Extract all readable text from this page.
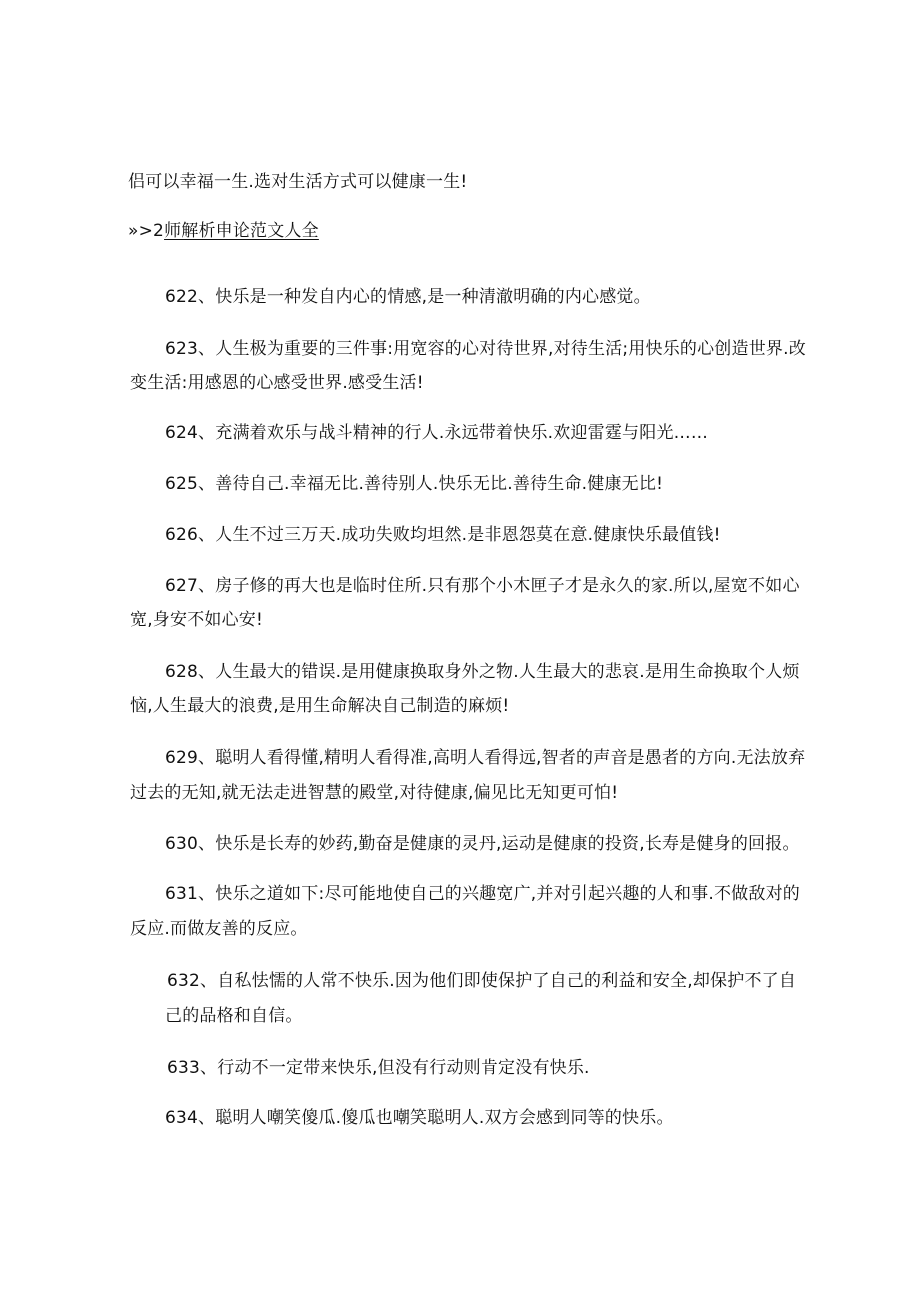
侣可以幸福一生.选对生活方式可以健康一生!
»>2师解析申论范文人全
622、快乐是一种发自内心的情感,是一种清澈明确的内心感觉。
623、人生极为重要的三件事:用宽容的心对待世界,对待生活;用快乐的心创造世界.改
变生活:用感恩的心感受世界.感受生活!
624、充满着欢乐与战斗精神的行人.永远带着快乐.欢迎雷霆与阳光……
625、善待自己.幸福无比.善待别人.快乐无比.善待生命.健康无比!
626、人生不过三万天.成功失败均坦然.是非恩怨莫在意.健康快乐最值钱!
627、房子修的再大也是临时住所.只有那个小木匣子才是永久的家.所以,屋宽不如心
宽,身安不如心安!
628、人生最大的错误.是用健康换取身外之物.人生最大的悲哀.是用生命换取个人烦
恼,人生最大的浪费,是用生命解决自己制造的麻烦!
629、聪明人看得懂,精明人看得准,高明人看得远,智者的声音是愚者的方向.无法放弃
过去的无知,就无法走进智慧的殿堂,对待健康,偏见比无知更可怕!
630、快乐是长寿的妙药,勤奋是健康的灵丹,运动是健康的投资,长寿是健身的回报。
631、快乐之道如下:尽可能地使自己的兴趣宽广,并对引起兴趣的人和事.不做敌对的
反应.而做友善的反应。
632、自私怯懦的人常不快乐.因为他们即使保护了自己的利益和安全,却保护不了自
己的品格和自信。
633、行动不一定带来快乐,但没有行动则肯定没有快乐.
634、聪明人嘲笑傻瓜.傻瓜也嘲笑聪明人.双方会感到同等的快乐。
